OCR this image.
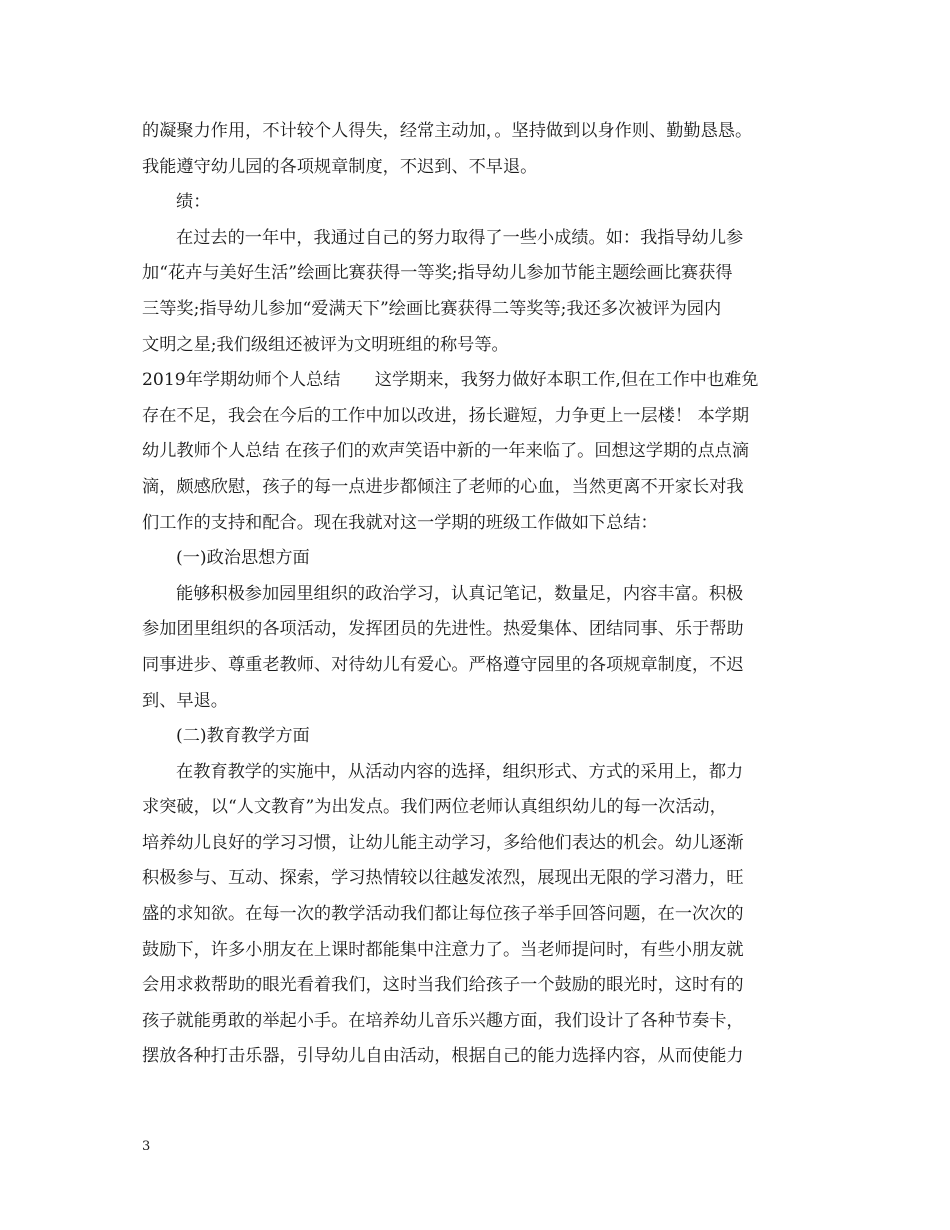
的凝聚力作用，不计较个人得失，经常主动加，。坚持做到以身作则、勤勤恳恳。
我能遵守幼儿园的各项规章制度，不迟到、不早退。
绩：
在过去的一年中，我通过自己的努力取得了一些小成绩。如：我指导幼儿参
加“花卉与美好生活”绘画比赛获得一等奖;指导幼儿参加节能主题绘画比赛获得
三等奖;指导幼儿参加“爱满天下”绘画比赛获得二等奖等;我还多次被评为园内
文明之星;我们级组还被评为文明班组的称号等。
2019年学期幼师个人总结　　这学期来，我努力做好本职工作,但在工作中也难免
存在不足，我会在今后的工作中加以改进，扬长避短，力争更上一层楼！ 本学期
幼儿教师个人总结 在孩子们的欢声笑语中新的一年来临了。回想这学期的点点滴
滴，颇感欣慰，孩子的每一点进步都倾注了老师的心血，当然更离不开家长对我
们工作的支持和配合。现在我就对这一学期的班级工作做如下总结：
(一)政治思想方面
能够积极参加园里组织的政治学习，认真记笔记，数量足，内容丰富。积极
参加团里组织的各项活动，发挥团员的先进性。热爱集体、团结同事、乐于帮助
同事进步、尊重老教师、对待幼儿有爱心。严格遵守园里的各项规章制度，不迟
到、早退。
(二)教育教学方面
在教育教学的实施中，从活动内容的选择，组织形式、方式的采用上，都力
求突破，以“人文教育”为出发点。我们两位老师认真组织幼儿的每一次活动，
培养幼儿良好的学习习惯，让幼儿能主动学习，多给他们表达的机会。幼儿逐渐
积极参与、互动、探索，学习热情较以往越发浓烈，展现出无限的学习潜力，旺
盛的求知欲。在每一次的教学活动我们都让每位孩子举手回答问题，在一次次的
鼓励下，许多小朋友在上课时都能集中注意力了。当老师提问时，有些小朋友就
会用求救帮助的眼光看着我们，这时当我们给孩子一个鼓励的眼光时，这时有的
孩子就能勇敢的举起小手。在培养幼儿音乐兴趣方面，我们设计了各种节奏卡，
摆放各种打击乐器，引导幼儿自由活动，根据自己的能力选择内容，从而使能力
3
